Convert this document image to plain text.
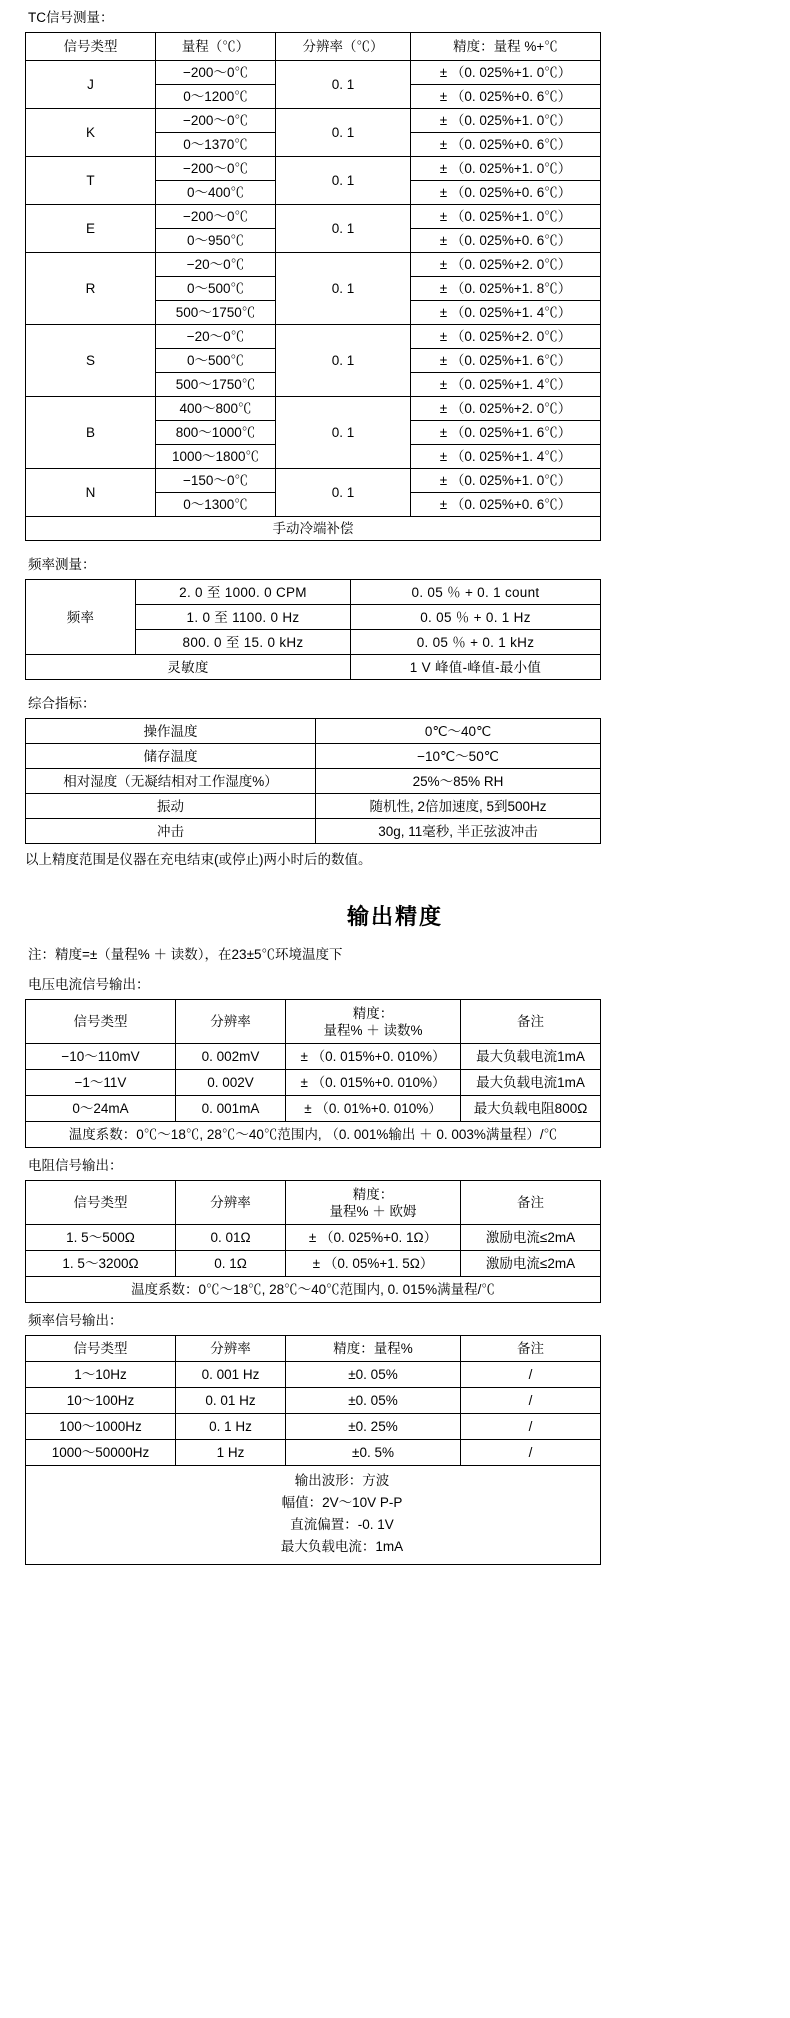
TC信号测量：
信号类型	量程（℃）	分辨率（℃）	精度：量程 %+℃
J	−200～0℃	0. 1	± （0. 025%+1. 0℃）
	0～1200℃		± （0. 025%+0. 6℃）
K	−200～0℃	0. 1	± （0. 025%+1. 0℃）
	0～1370℃		± （0. 025%+0. 6℃）
T	−200～0℃	0. 1	± （0. 025%+1. 0℃）
	0～400℃		± （0. 025%+0. 6℃）
E	−200～0℃	0. 1	± （0. 025%+1. 0℃）
	0～950℃		± （0. 025%+0. 6℃）
R	−20～0℃	0. 1	± （0. 025%+2. 0℃）
	0～500℃		± （0. 025%+1. 8℃）
	500～1750℃		± （0. 025%+1. 4℃）
S	−20～0℃	0. 1	± （0. 025%+2. 0℃）
	0～500℃		± （0. 025%+1. 6℃）
	500～1750℃		± （0. 025%+1. 4℃）
B	400～800℃	0. 1	± （0. 025%+2. 0℃）
	800～1000℃		± （0. 025%+1. 6℃）
	1000～1800℃		± （0. 025%+1. 4℃）
N	−150～0℃	0. 1	± （0. 025%+1. 0℃）
	0～1300℃		± （0. 025%+0. 6℃）
手动冷端补偿			
频率测量：
频率	2. 0 至 1000. 0 CPM	0. 05 ％ + 0. 1 count
	1. 0 至 1100. 0 Hz	0. 05 ％ + 0. 1 Hz
	800. 0 至 15. 0 kHz	0. 05 ％ + 0. 1 kHz
灵敏度		1 V 峰值-峰值-最小值
综合指标：
操作温度	0℃～40℃
储存温度	−10℃～50℃
相对湿度（无凝结相对工作湿度%）	25%～85% RH
振动	随机性, 2倍加速度, 5到500Hz
冲击	30g, 11毫秒, 半正弦波冲击
以上精度范围是仪器在充电结束(或停止)两小时后的数值。
输出精度
注：精度=±（量程% ＋ 读数），在23±5℃环境温度下
电压电流信号输出：
信号类型	分辨率	精度：
量程% ＋ 读数%	备注
−10～110mV	0. 002mV	± （0. 015%+0. 010%）	最大负载电流1mA
−1～11V	0. 002V	± （0. 015%+0. 010%）	最大负载电流1mA
0～24mA	0. 001mA	± （0. 01%+0. 010%）	最大负载电阻800Ω
温度系数：0℃～18℃, 28℃～40℃范围内, （0. 001%输出 ＋ 0. 003%满量程）/℃			
电阻信号输出：
信号类型	分辨率	精度：
量程% ＋ 欧姆	备注
1. 5～500Ω	0. 01Ω	± （0. 025%+0. 1Ω）	激励电流≤2mA
1. 5～3200Ω	0. 1Ω	± （0. 05%+1. 5Ω）	激励电流≤2mA
温度系数：0℃～18℃, 28℃～40℃范围内, 0. 015%满量程/℃			
频率信号输出：
信号类型	分辨率	精度：量程%	备注
1～10Hz	0. 001 Hz	±0. 05%	/
10～100Hz	0. 01 Hz	±0. 05%	/
100～1000Hz	0. 1 Hz	±0. 25%	/
1000～50000Hz	1 Hz	±0. 5%	/

输出波形：方波
幅值：2V～10V P-P
直流偏置：-0. 1V
最大负载电流：1mA			
